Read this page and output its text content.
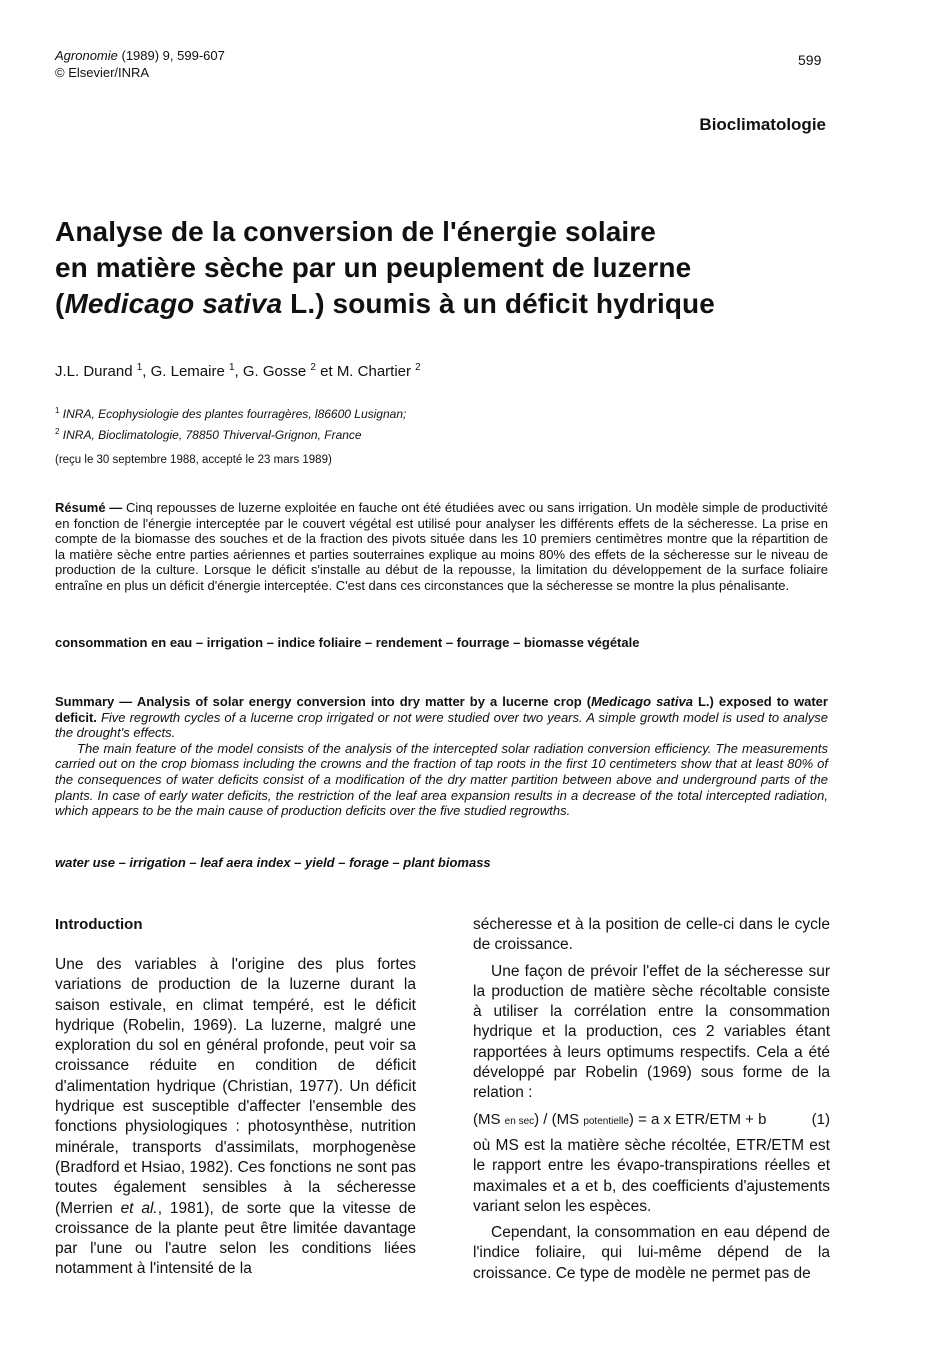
Agronomie (1989) 9, 599-607
© Elsevier/INRA
599
Bioclimatologie
Analyse de la conversion de l'énergie solaire
en matière sèche par un peuplement de luzerne
(Medicago sativa L.) soumis à un déficit hydrique
J.L. Durand $^1$, G. Lemaire $^1$, G. Gosse $^2$ et M. Chartier $^2$
$^1$ INRA, Ecophysiologie des plantes fourragères, l86600 Lusignan;
$^2$ INRA, Bioclimatologie, 78850 Thiverval-Grignon, France
(reçu le 30 septembre 1988, accepté le 23 mars 1989)
Résumé — Cinq repousses de luzerne exploitée en fauche ont été étudiées avec ou sans irrigation. Un modèle simple de productivité en fonction de l'énergie interceptée par le couvert végétal est utilisé pour analyser les différents effets de la sécheresse. La prise en compte de la biomasse des souches et de la fraction des pivots située dans les 10 premiers centimètres montre que la répartition de la matière sèche entre parties aériennes et parties souterraines explique au moins 80% des effets de la sécheresse sur le niveau de production de la culture. Lorsque le déficit s'installe au début de la repousse, la limitation du développement de la surface foliaire entraîne en plus un déficit d'énergie interceptée. C'est dans ces circonstances que la sécheresse se montre la plus pénalisante.
consommation en eau – irrigation – indice foliaire – rendement – fourrage – biomasse végétale

Summary — Analysis of solar energy conversion into dry matter by a lucerne crop (Medicago sativa L.) exposed to water deficit. Five regrowth cycles of a lucerne crop irrigated or not were studied over two years. A simple growth model is used to analyse the drought's effects.

The main feature of the model consists of the analysis of the intercepted solar radiation conversion efficiency. The measurements carried out on the crop biomass including the crowns and the fraction of tap roots in the first 10 centimeters show that at least 80% of the consequences of water deficits consist of a modification of the dry matter partition between above and underground parts of the plants. In case of early water deficits, the restriction of the leaf area expansion results in a decrease of the total intercepted radiation, which appears to be the main cause of production deficits over the five studied regrowths.

water use – irrigation – leaf aera index – yield – forage – plant biomass
Introduction

Une des variables à l'origine des plus fortes variations de production de la luzerne durant la saison estivale, en climat tempéré, est le déficit hydrique (Robelin, 1969). La luzerne, malgré une exploration du sol en général profonde, peut voir sa croissance réduite en condition de déficit d'alimentation hydrique (Christian, 1977). Un déficit hydrique est susceptible d'affecter l'ensemble des fonctions physiologiques : photosynthèse, nutrition minérale, transports d'assimilats, morphogenèse (Bradford et Hsiao, 1982). Ces fonctions ne sont pas toutes également sensibles à la sécheresse (Merrien et al., 1981), de sorte que la vitesse de croissance de la plante peut être limitée davantage par l'une ou l'autre selon les conditions liées notamment à l'intensité de la

sécheresse et à la position de celle-ci dans le cycle de croissance.

Une façon de prévoir l'effet de la sécheresse sur la production de matière sèche récoltable consiste à utiliser la corrélation entre la consommation hydrique et la production, ces 2 variables étant rapportées à leurs optimums respectifs. Cela a été développé par Robelin (1969) sous forme de la relation :

(MS en sec) / (MS potentielle) = a x ETR/ETM + b	(1)

où MS est la matière sèche récoltée, ETR/ETM est le rapport entre les évapo-transpirations réelles et maximales et a et b, des coefficients d'ajustements variant selon les espèces.

Cependant, la consommation en eau dépend de l'indice foliaire, qui lui-même dépend de la croissance. Ce type de modèle ne permet pas de
